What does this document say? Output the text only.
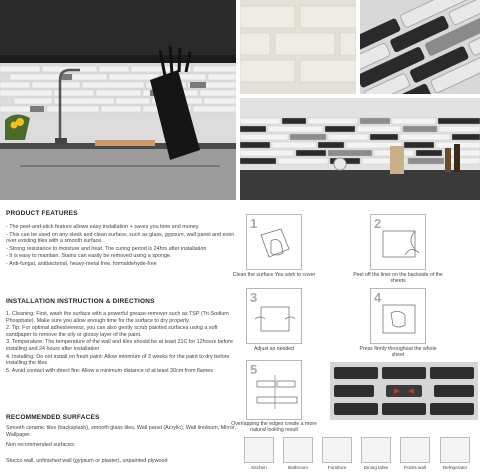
PRODUCT FEATURES

- The peel-and-stick feature allows easy installation + saves you time and money.

- This can be used on any sleek and clean surface, such as glass, gypsum, wall panel and even over existing tiles with a smooth surface.

- Strong resistance to moisture and heat. The curing period is 24hrs after installation

- It is easy to maintain. Stains can easily be removed using a sponge.

- Anti-fungal, antibacterial, heavy-metal free, formaldehyde-free

INSTALLATION INSTRUCTION & DIRECTIONS

1. Cleaning: First, wash the surface with a powerful grease-remover such as TSP (Tri-Sodium Phosphate). Make sure you allow enough time for the surface to dry properly.

2. Tip: For optimal adhesiveness, you can also gently scrub painted surfaces using a soft sandpaper to remove the oily or glossy layer of the paint.

3. Temperature: The temperature of the wall and tiles should be at least 21C for 12hours before installing and 24 hours after installation

4. Installing: Do not install on fresh paint: Allow minimum of 3 weeks for the paint to dry before installing the tiles

5. Avoid contact with direct fire: Allow a minimum distance of at least 30cm from flames

RECOMMENDED SURFACES
Smooth ceramic tiles (backsplash), smooth glass tiles, Wall panel (Acrylic), Wall linoleum, Mirror, Wallpaper
Non recommended surfaces:
Stucco wall, unfinished wall (gypsum or plaster), unpainted plywood
1
Clean the surface You wish to cover
2
Peel off the liner on the backside of the sheets
3
Adjust as needed
4
Press firmly throughout the whole sheet
5
Overlapping the edges create a more natural looking result
Kitchen	Bathroom	Furniture	Dining table	Points wall	Refrigerator
